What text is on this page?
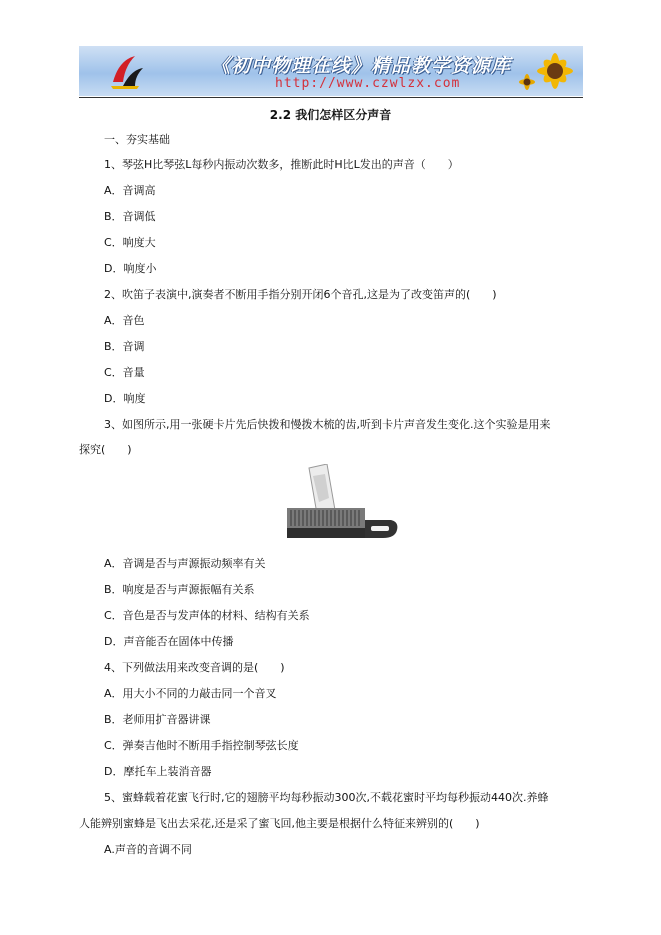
《初中物理在线》精品教学资源库
http://www.czwlzx.com
2.2 我们怎样区分声音
一、夯实基础
1、琴弦H比琴弦L每秒内振动次数多，推断此时H比L发出的声音（　　）
A．音调高
B．音调低
C．响度大
D．响度小
2、吹笛子表演中,演奏者不断用手指分别开闭6个音孔,这是为了改变笛声的(　　)
A．音色
B．音调
C．音量
D．响度
3、如图所示,用一张硬卡片先后快拨和慢拨木梳的齿,听到卡片声音发生变化.这个实验是用来
探究(　　)
A．音调是否与声源振动频率有关
B．响度是否与声源振幅有关系
C．音色是否与发声体的材料、结构有关系
D．声音能否在固体中传播
4、下列做法用来改变音调的是(　　)
A．用大小不同的力敲击同一个音叉
B．老师用扩音器讲课
C．弹奏吉他时不断用手指控制琴弦长度
D．摩托车上装消音器
5、蜜蜂载着花蜜飞行时,它的翅膀平均每秒振动300次,不载花蜜时平均每秒振动440次.养蜂
人能辨别蜜蜂是飞出去采花,还是采了蜜飞回,他主要是根据什么特征来辨别的(　　)
A.声音的音调不同
